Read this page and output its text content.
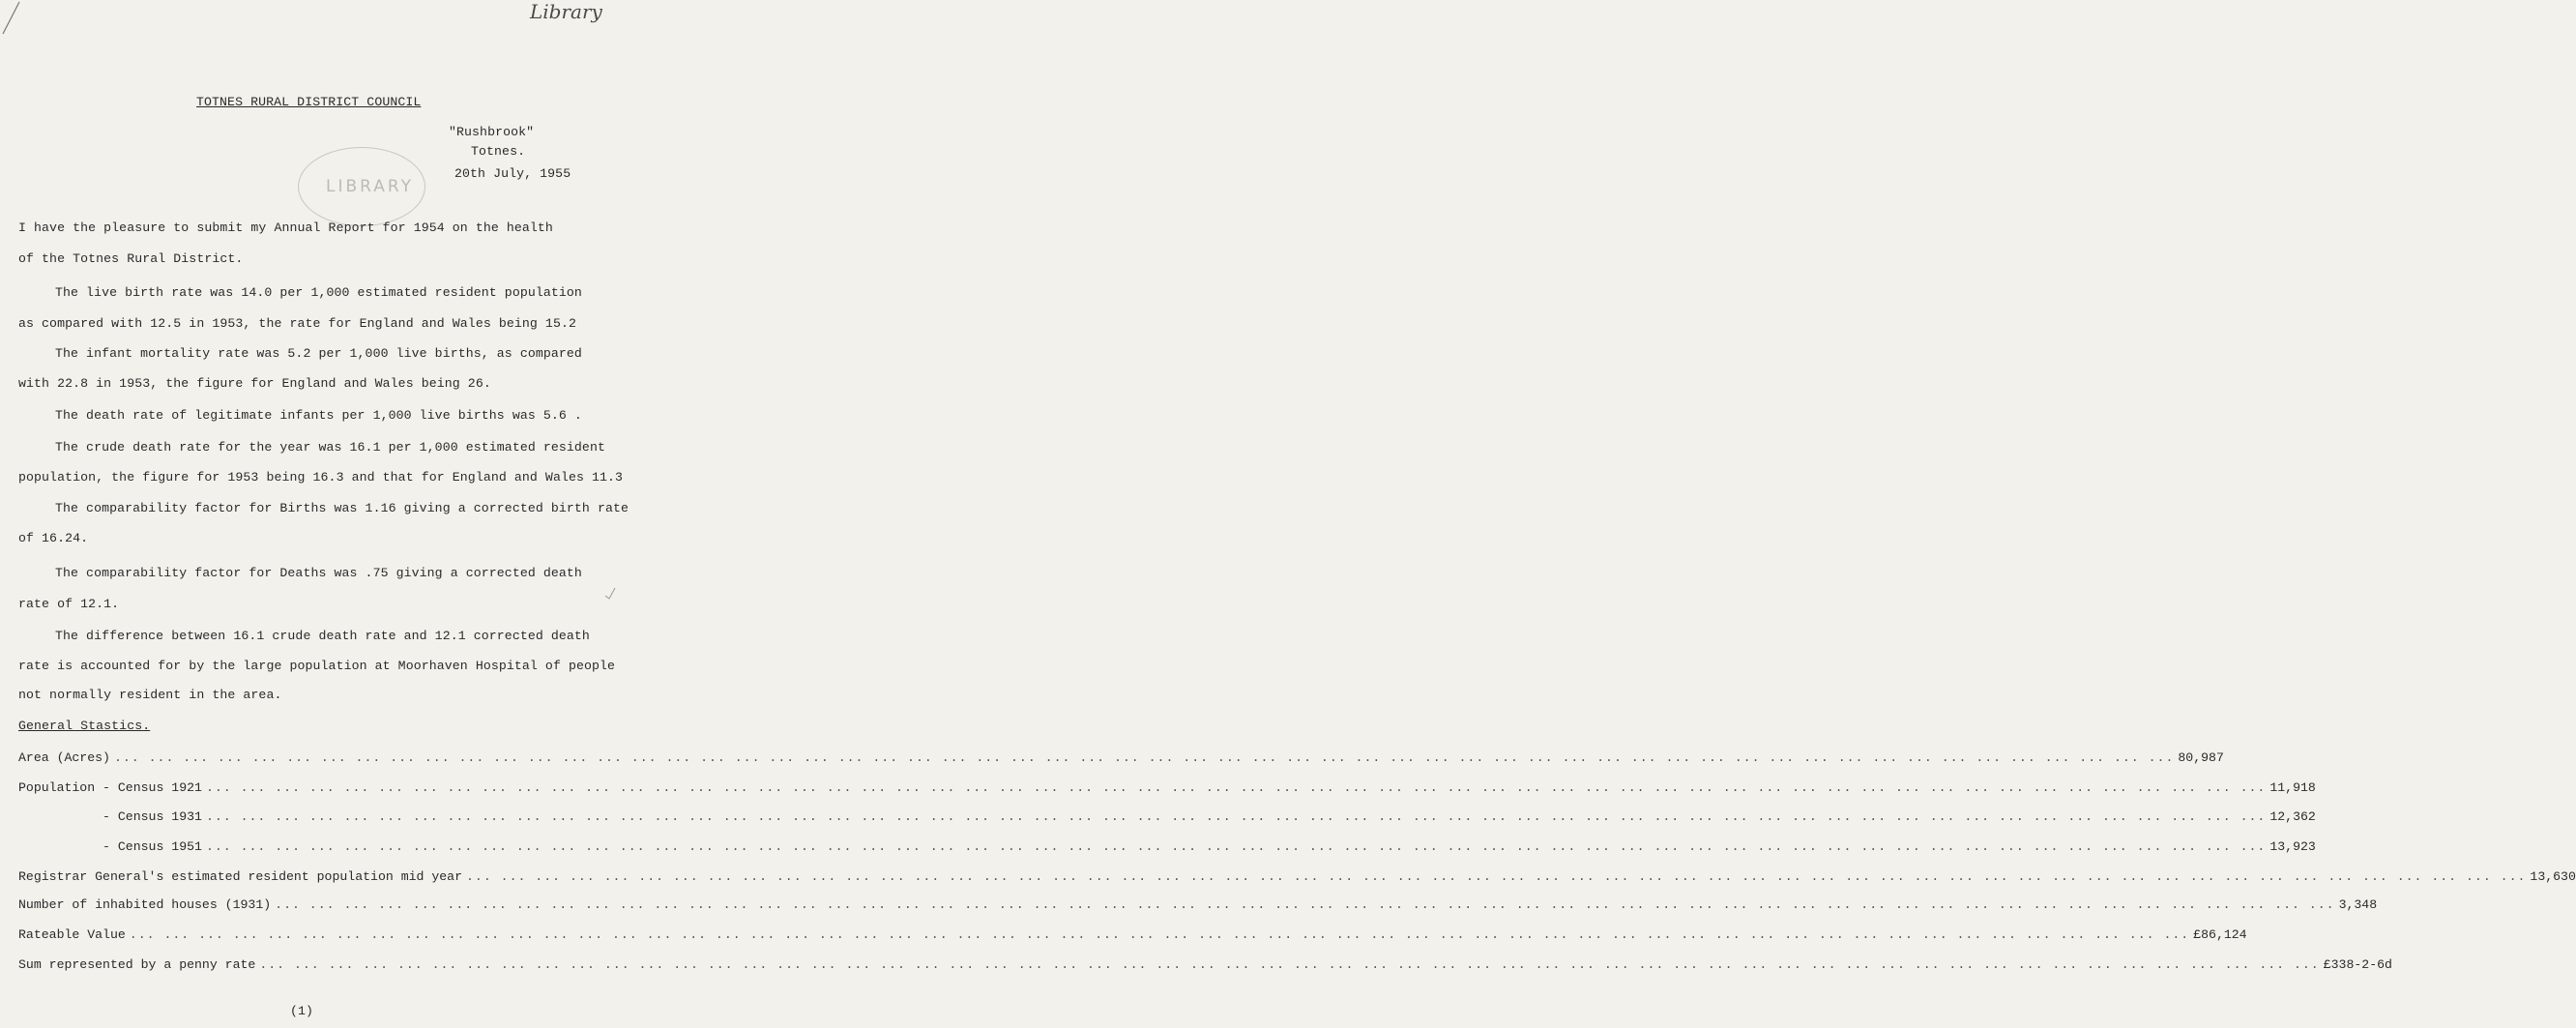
Library
TOTNES RURAL DISTRICT COUNCIL
"Rushbrook"
Totnes.
20th July, 1955
LIBRARY
I have the pleasure to submit my Annual Report for 1954 on the health
of the Totnes Rural District.
The live birth rate was 14.0 per 1,000 estimated resident population
as compared with 12.5 in 1953, the rate for England and Wales being 15.2
The infant mortality rate was 5.2 per 1,000 live births, as compared
with 22.8 in 1953, the figure for England and Wales being 26.
The death rate of legitimate infants per 1,000 live births was 5.6 .
The crude death rate for the year was 16.1 per 1,000 estimated resident
population, the figure for 1953 being 16.3 and that for England and Wales 11.3
The comparability factor for Births was 1.16 giving a corrected birth rate
of 16.24.
The comparability factor for Deaths was .75 giving a corrected death
rate of 12.1.
The difference between 16.1 crude death rate and 12.1 corrected death
rate is accounted for by the large population at Moorhaven Hospital of people
not normally resident in the area.
General Stastics.
Area (Acres) ... ... ... ... ... ... ... ... ... ... ... ... ... ... ... ... ... ... ... ... ... ... ... ... ... ... ... ... ... ... ... ... ... ... ... ... ... ... ... ... ... ... ... ... ... ... ... ... ... ... ... ... ... ... ... ... ... ... ... ... 80,987
Population - Census 1921 ... ... ... ... ... ... ... ... ... ... ... ... ... ... ... ... ... ... ... ... ... ... ... ... ... ... ... ... ... ... ... ... ... ... ... ... ... ... ... ... ... ... ... ... ... ... ... ... ... ... ... ... ... ... ... ... ... ... ... ... 11,918
- Census 1931 ... ... ... ... ... ... ... ... ... ... ... ... ... ... ... ... ... ... ... ... ... ... ... ... ... ... ... ... ... ... ... ... ... ... ... ... ... ... ... ... ... ... ... ... ... ... ... ... ... ... ... ... ... ... ... ... ... ... ... ... 12,362
- Census 1951 ... ... ... ... ... ... ... ... ... ... ... ... ... ... ... ... ... ... ... ... ... ... ... ... ... ... ... ... ... ... ... ... ... ... ... ... ... ... ... ... ... ... ... ... ... ... ... ... ... ... ... ... ... ... ... ... ... ... ... ... 13,923
Registrar General's estimated resident population mid year ... ... ... ... ... ... ... ... ... ... ... ... ... ... ... ... ... ... ... ... ... ... ... ... ... ... ... ... ... ... ... ... ... ... ... ... ... ... ... ... ... ... ... ... ... ... ... ... ... ... ... ... ... ... ... ... ... ... ... ... 13,630
Number of inhabited houses (1931) ... ... ... ... ... ... ... ... ... ... ... ... ... ... ... ... ... ... ... ... ... ... ... ... ... ... ... ... ... ... ... ... ... ... ... ... ... ... ... ... ... ... ... ... ... ... ... ... ... ... ... ... ... ... ... ... ... ... ... ... 3,348
Rateable Value ... ... ... ... ... ... ... ... ... ... ... ... ... ... ... ... ... ... ... ... ... ... ... ... ... ... ... ... ... ... ... ... ... ... ... ... ... ... ... ... ... ... ... ... ... ... ... ... ... ... ... ... ... ... ... ... ... ... ... ... £86,124
Sum represented by a penny rate ... ... ... ... ... ... ... ... ... ... ... ... ... ... ... ... ... ... ... ... ... ... ... ... ... ... ... ... ... ... ... ... ... ... ... ... ... ... ... ... ... ... ... ... ... ... ... ... ... ... ... ... ... ... ... ... ... ... ... ... £338-2-6d
(1)
